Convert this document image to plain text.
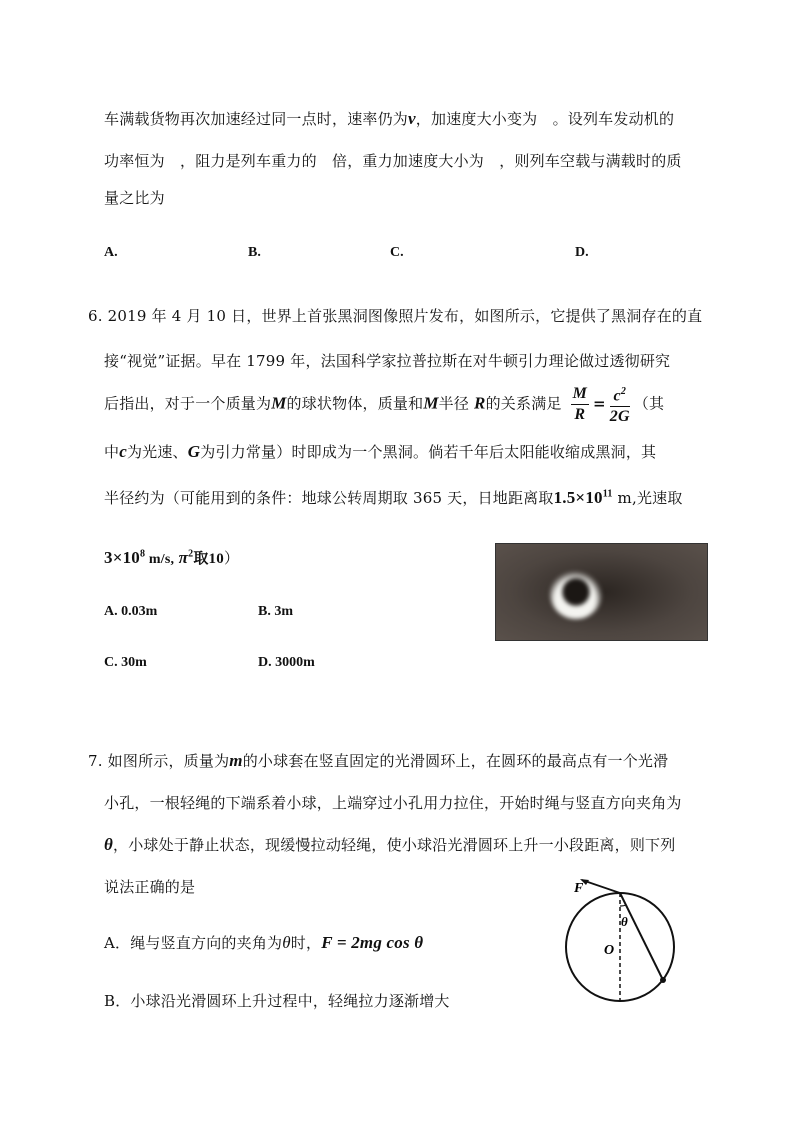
车满载货物再次加速经过同一点时，速率仍为v，加速度大小变为　。设列车发动机的
功率恒为　，阻力是列车重力的　倍，重力加速度大小为　，则列车空载与满载时的质
量之比为
A.	B.	C.	D.
6. 2019 年 4 月 10 日，世界上首张黑洞图像照片发布，如图所示，它提供了黑洞存在的直
接“视觉”证据。早在 1799 年，法国科学家拉普拉斯在对牛顿引力理论做过透彻研究
后指出，对于一个质量为M的球状物体，质量和M半径 R的关系满足 $\frac{M}{R} = \frac{c^2}{2G}$ （其
中c为光速、G为引力常量）时即成为一个黑洞。倘若千年后太阳能收缩成黑洞，其
半径约为（可能用到的条件：地球公转周期取 365 天，日地距离取$1.5\times 10^{11}$ m,光速取
$3\times 10^8$ m/s, $\pi^2$取10）
A. 0.03m	B. 3m
C. 30m	D. 3000m
7. 如图所示，质量为m的小球套在竖直固定的光滑圆环上，在圆环的最高点有一个光滑
小孔，一根轻绳的下端系着小球，上端穿过小孔用力拉住，开始时绳与竖直方向夹角为
θ，小球处于静止状态，现缓慢拉动轻绳，使小球沿光滑圆环上升一小段距离，则下列
说法正确的是
A．绳与竖直方向的夹角为θ时，F = 2mg cos θ
B．小球沿光滑圆环上升过程中，轻绳拉力逐渐增大
F
θ
O
